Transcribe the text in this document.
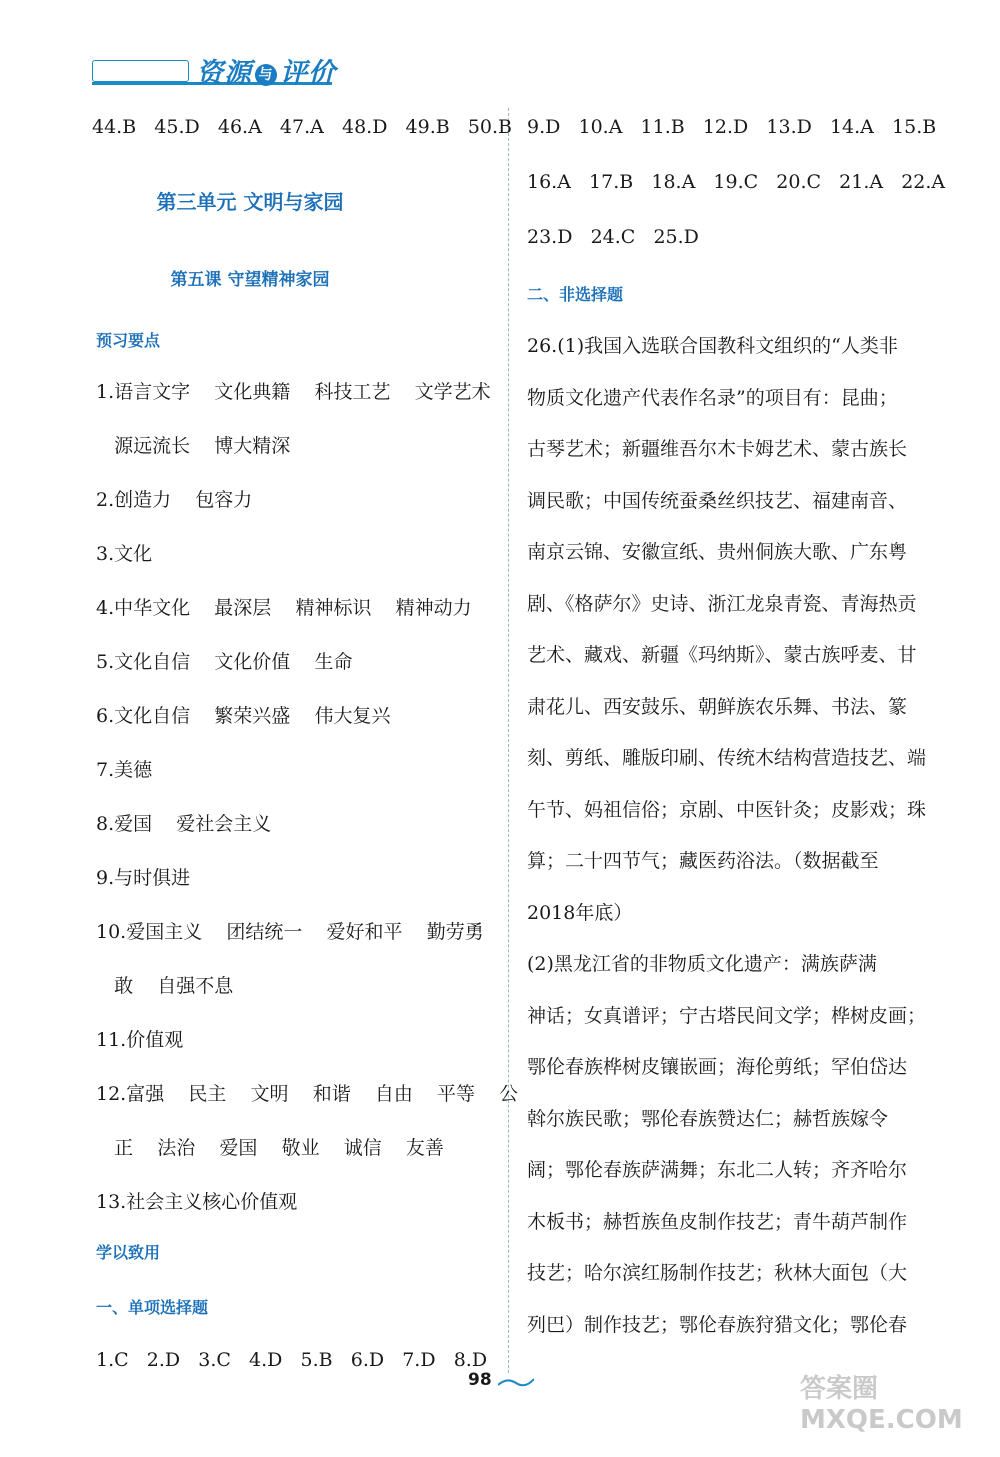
资源 与 评价
44.B   45.D   46.A   47.A   48.D   49.B   50.B
第三单元 文明与家园
第五课 守望精神家园
预习要点
1.语言文字    文化典籍    科技工艺    文学艺术
源远流长    博大精深
2.创造力    包容力
3.文化
4.中华文化    最深层    精神标识    精神动力
5.文化自信    文化价值    生命
6.文化自信    繁荣兴盛    伟大复兴
7.美德
8.爱国    爱社会主义
9.与时俱进
10.爱国主义    团结统一    爱好和平    勤劳勇
敢    自强不息
11.价值观
12.富强    民主    文明    和谐    自由    平等    公
正    法治    爱国    敬业    诚信    友善
13.社会主义核心价值观
学以致用
一、单项选择题
1.C   2.D   3.C   4.D   5.B   6.D   7.D   8.D
9.D   10.A   11.B   12.D   13.D   14.A   15.B
16.A   17.B   18.A   19.C   20.C   21.A   22.A
23.D   24.C   25.D
二、非选择题
26.(1)我国入选联合国教科文组织的“人类非
物质文化遗产代表作名录”的项目有：昆曲；
古琴艺术；新疆维吾尔木卡姆艺术、蒙古族长
调民歌；中国传统蚕桑丝织技艺、福建南音、
南京云锦、安徽宣纸、贵州侗族大歌、广东粤
剧、《格萨尔》史诗、浙江龙泉青瓷、青海热贡
艺术、藏戏、新疆《玛纳斯》、蒙古族呼麦、甘
肃花儿、西安鼓乐、朝鲜族农乐舞、书法、篆
刻、剪纸、雕版印刷、传统木结构营造技艺、端
午节、妈祖信俗；京剧、中医针灸；皮影戏；珠
算；二十四节气；藏医药浴法。（数据截至
2018年底）
(2)黑龙江省的非物质文化遗产：满族萨满
神话；女真谱评；宁古塔民间文学；桦树皮画；
鄂伦春族桦树皮镶嵌画；海伦剪纸；罕伯岱达
斡尔族民歌；鄂伦春族赞达仁；赫哲族嫁令
阔；鄂伦春族萨满舞；东北二人转；齐齐哈尔
木板书；赫哲族鱼皮制作技艺；青牛葫芦制作
技艺；哈尔滨红肠制作技艺；秋林大面包（大
列巴）制作技艺；鄂伦春族狩猎文化；鄂伦春
98	答案圈 MXQE.COM
